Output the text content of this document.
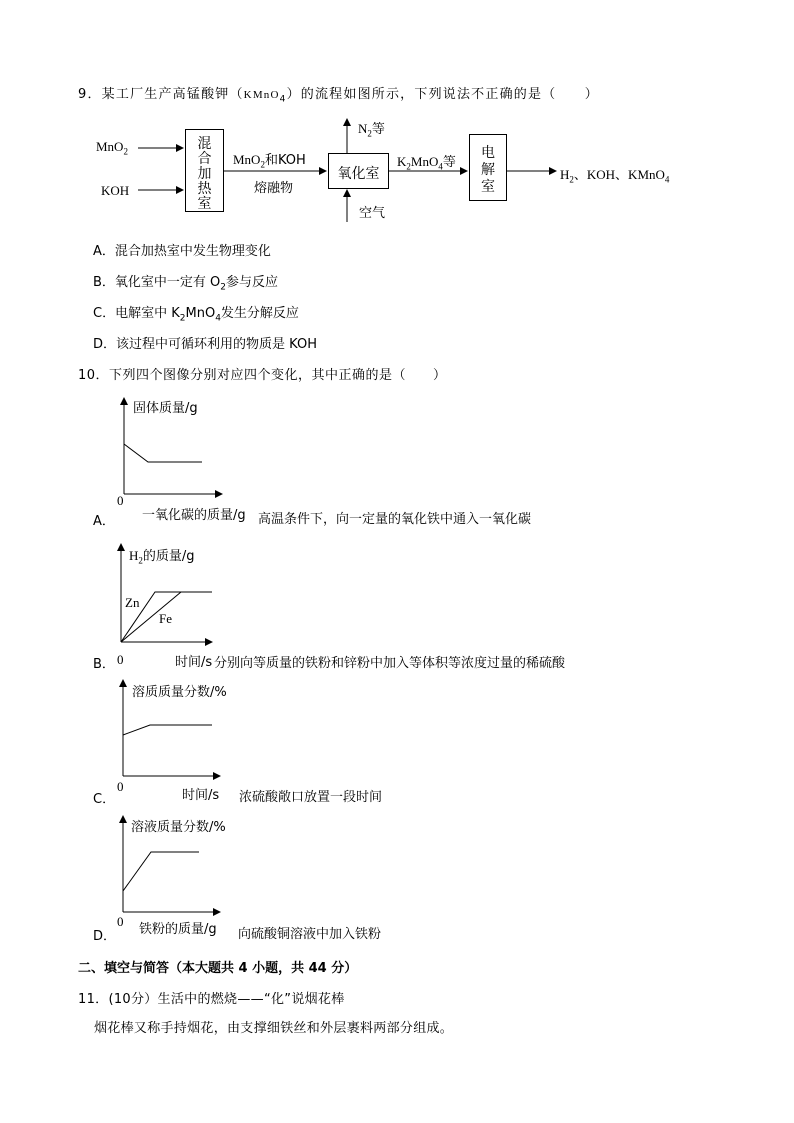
9．某工厂生产高锰酸钾（KMnO$_4$）的流程如图所示，下列说法不正确的是（　　）
MnO$_2$
KOH
混
合
加
热
室
MnO$_2$和KOH
熔融物
氧化室
$N_2$等
空气
$K_2MnO_4$等
电
解
室
$H_2$、KOH、KMnO$_4$
A．混合加热室中发生物理变化
B．氧化室中一定有 $O_2$参与反应
C．电解室中 $K_2MnO_4$发生分解反应
D．该过程中可循环利用的物质是 KOH
10．下列四个图像分别对应四个变化，其中正确的是（　　）
固体质量/g
0
A． 一氧化碳的质量/g 高温条件下，向一定量的氧化铁中通入一氧化碳
$H_2$的质量/g
Zn
Fe
B． 0	时间/s 分别向等质量的铁粉和锌粉中加入等体积等浓度过量的稀硫酸
溶质质量分数/%
0
C．	时间/s 浓硫酸敞口放置一段时间
溶液质量分数/%
0
D． 铁粉的质量/g 向硫酸铜溶液中加入铁粉
二、填空与简答（本大题共 4 小题，共 44 分）
11．(10分）生活中的燃烧——“化”说烟花棒
烟花棒又称手持烟花，由支撑细铁丝和外层裹料两部分组成。
